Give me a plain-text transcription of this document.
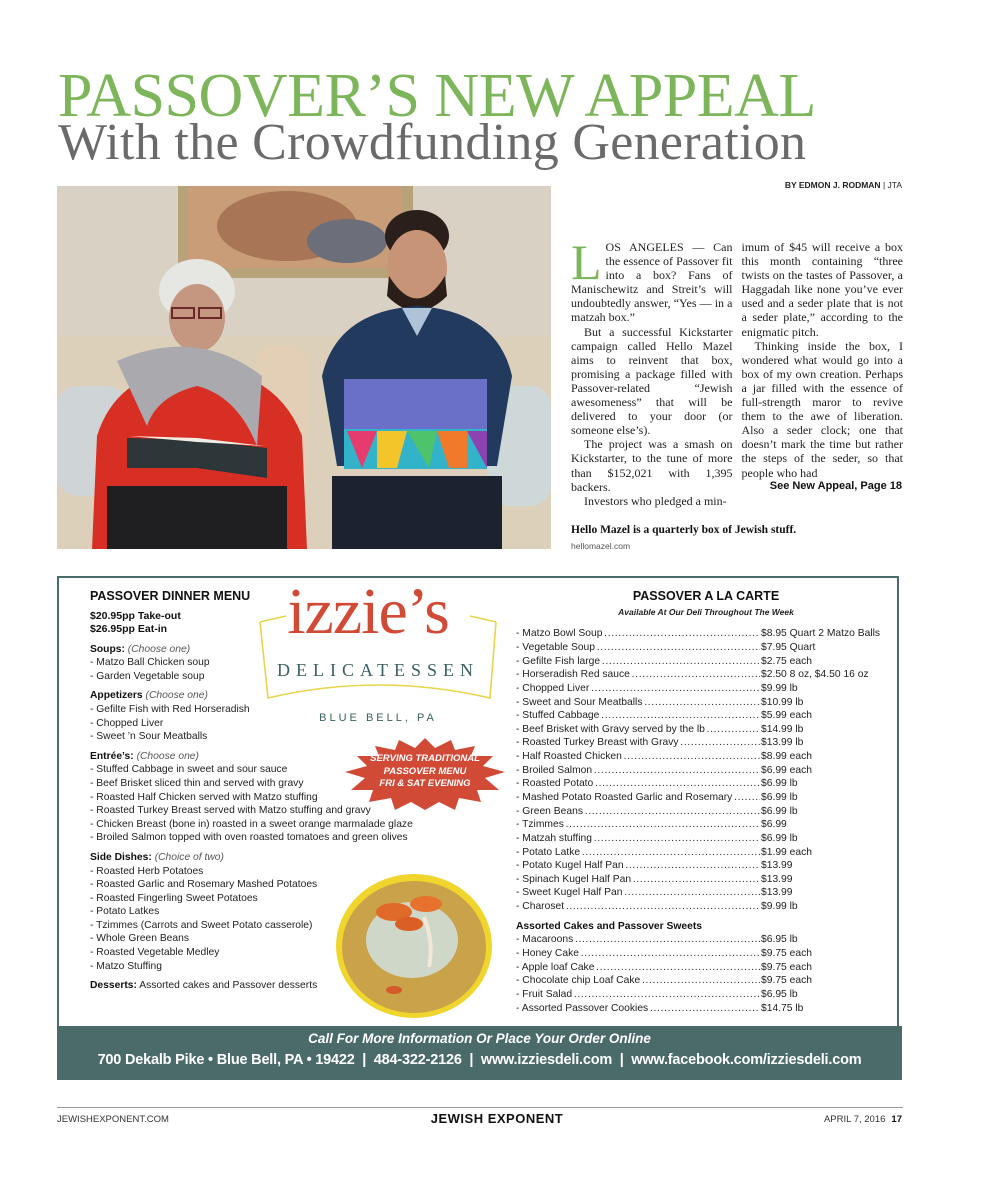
PASSOVER’S NEW APPEAL
With the Crowdfunding Generation
BY EDMON J. RODMAN | JTA

LOS ANGELES — Can the essence of Passover fit into a box? Fans of Manischewitz and Streit’s will undoubtedly answer, “Yes — in a matzah box.”

But a successful Kickstarter campaign called Hello Mazel aims to reinvent that box, promising a package filled with Passover-related “Jewish awesomeness” that will be delivered to your door (or someone else’s).

The project was a smash on Kickstarter, to the tune of more than $152,021 with 1,395 backers.

Investors who pledged a min-

imum of $45 will receive a box this month containing “three twists on the tastes of Passover, a Haggadah like none you’ve ever used and a seder plate that is not a seder plate,” according to the enigmatic pitch.

Thinking inside the box, I wondered what would go into a box of my own creation. Perhaps a jar filled with the essence of full-strength maror to revive them to the awe of liberation. Also a seder clock; one that doesn’t mark the time but rather the steps of the seder, so that people who had

See New Appeal, Page 18
Hello Mazel is a quarterly box of Jewish stuff.
hellomazel.com
PASSOVER DINNER MENU
$20.95pp Take-out
$26.95pp Eat-in
Soups: (Choose one)
- Matzo Ball Chicken soup
- Garden Vegetable soup
Appetizers (Choose one)
- Gefilte Fish with Red Horseradish
- Chopped Liver
- Sweet ’n Sour Meatballs
Entrée’s: (Choose one)
- Stuffed Cabbage in sweet and sour sauce
- Beef Brisket sliced thin and served with gravy
- Roasted Half Chicken served with Matzo stuffing
- Roasted Turkey Breast served with Matzo stuffing and gravy
- Chicken Breast (bone in) roasted in a sweet orange marmalade glaze
- Broiled Salmon topped with oven roasted tomatoes and green olives
Side Dishes: (Choice of two)
- Roasted Herb Potatoes
- Roasted Garlic and Rosemary Mashed Potatoes
- Roasted Fingerling Sweet Potatoes
- Potato Latkes
- Tzimmes (Carrots and Sweet Potato casserole)
- Whole Green Beans
- Roasted Vegetable Medley
- Matzo Stuffing
Desserts: Assorted cakes and Passover desserts
izzie’s
DELICATESSEN
BLUE BELL, PA
SERVING TRADITIONAL
PASSOVER MENU
FRI & SAT EVENING
PASSOVER A LA CARTE
Available At Our Deli Throughout The Week
- Matzo Bowl Soup . . .	$8.95 Quart 2 Matzo Balls
- Vegetable Soup . . .	$7.95 Quart
- Gefilte Fish large . . .	$2.75 each
- Horseradish Red sauce . . .	$2.50 8 oz, $4.50 16 oz
- Chopped Liver . . .	$9.99 lb
- Sweet and Sour Meatballs . . .	$10.99 lb
- Stuffed Cabbage . . .	$5.99 each
- Beef Brisket with Gravy served by the lb . . .	$14.99 lb
- Roasted Turkey Breast with Gravy . . .	$13.99 lb
- Half Roasted Chicken . . .	$8.99 each
- Broiled Salmon . . .	$6.99 each
- Roasted Potato . . .	$6.99 lb
- Mashed Potato Roasted Garlic and Rosemary . . .	$6.99 lb
- Green Beans . . .	$6.99 lb
- Tzimmes . . .	$6.99
- Matzah stuffing . . .	$6.99 lb
- Potato Latke . . .	$1.99 each
- Potato Kugel Half Pan . . .	$13.99
- Spinach Kugel Half Pan . . .	$13.99
- Sweet Kugel Half Pan . . .	$13.99
- Charoset . . .	$9.99 lb
Assorted Cakes and Passover Sweets
- Macaroons . . .	$6.95 lb
- Honey Cake . . .	$9.75 each
- Apple loaf Cake . . .	$9.75 each
- Chocolate chip Loaf Cake . . .	$9.75 each
- Fruit Salad . . .	$6.95 lb
- Assorted Passover Cookies . . .	$14.75 lb
Call For More Information Or Place Your Order Online
700 Dekalb Pike • Blue Bell, PA • 19422  |  484-322-2126  |  www.izziesdeli.com  |  www.facebook.com/izziesdeli.com
JEWISHEXPONENT.COM	JEWISH EXPONENT	APRIL 7, 2016 17
